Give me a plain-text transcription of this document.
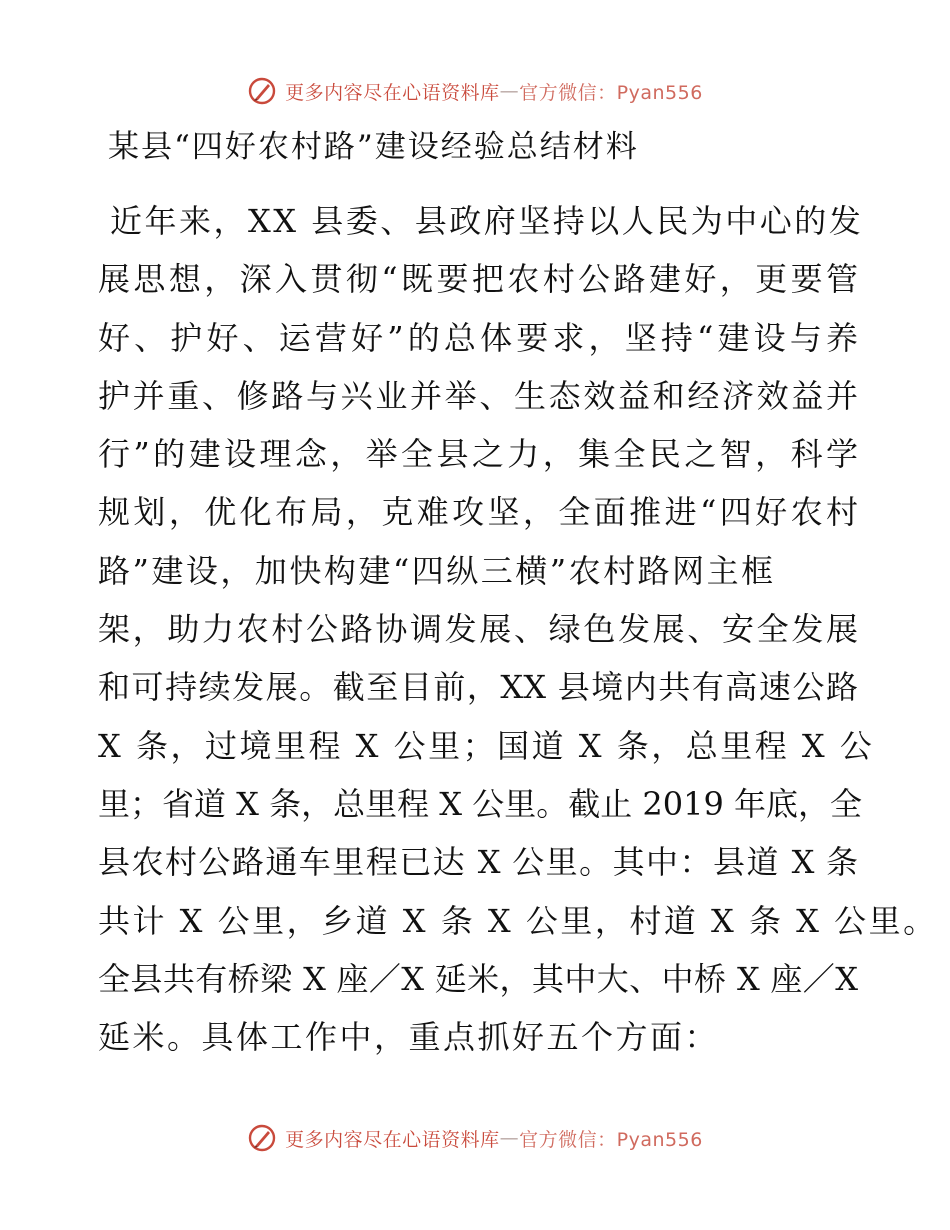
更多内容尽在心语资料库 — 官方微信：Pyan556
某县“四好农村路”建设经验总结材料
近年来，XX 县委、县政府坚持以人民为中心的发
展思想，深入贯彻“既要把农村公路建好，更要管
好、护好、运营好”的总体要求，坚持“建设与养
护并重、修路与兴业并举、生态效益和经济效益并
行”的建设理念，举全县之力，集全民之智，科学
规划，优化布局，克难攻坚，全面推进“四好农村
路”建设，加快构建“四纵三横”农村路网主框
架，助力农村公路协调发展、绿色发展、安全发展
和可持续发展。截至目前，XX 县境内共有高速公路
X 条，过境里程 X 公里；国道 X 条，总里程 X 公
里；省道 X 条，总里程 X 公里。截止 2019 年底，全
县农村公路通车里程已达 X 公里。其中：县道 X 条
共计 X 公里，乡道 X 条 X 公里，村道 X 条 X 公里。
全县共有桥梁 X 座／X 延米，其中大、中桥 X 座／X
延米。具体工作中，重点抓好五个方面：
更多内容尽在心语资料库 — 官方微信：Pyan556
